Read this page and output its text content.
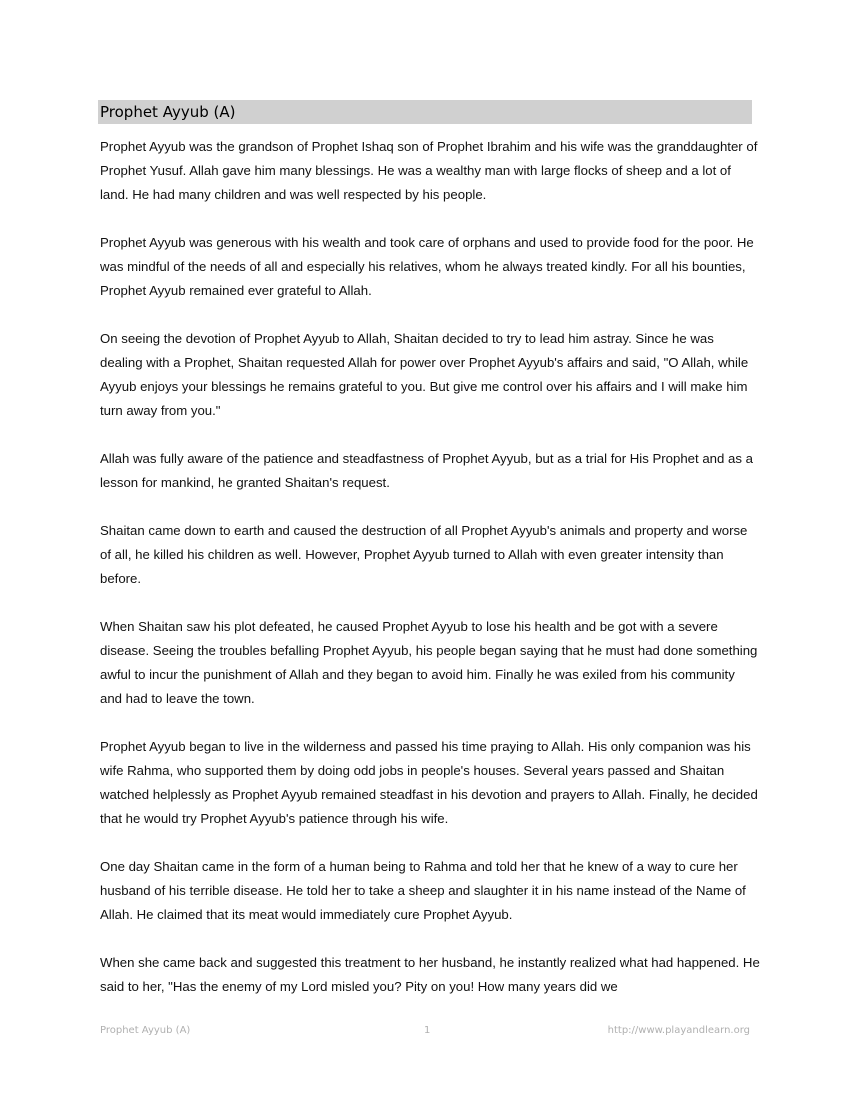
Prophet Ayyub (A)

Prophet Ayyub was the grandson of Prophet Ishaq son of Prophet Ibrahim and his wife was the granddaughter of Prophet Yusuf. Allah gave him many blessings. He was a wealthy man with large flocks of sheep and a lot of land. He had many children and was well respected by his people.

Prophet Ayyub was generous with his wealth and took care of orphans and used to provide food for the poor. He was mindful of the needs of all and especially his relatives, whom he always treated kindly. For all his bounties, Prophet Ayyub remained ever grateful to Allah.

On seeing the devotion of Prophet Ayyub to Allah, Shaitan decided to try to lead him astray. Since he was dealing with a Prophet, Shaitan requested Allah for power over Prophet Ayyub's affairs and said, "O Allah, while Ayyub enjoys your blessings he remains grateful to you. But give me control over his affairs and I will make him turn away from you."

Allah was fully aware of the patience and steadfastness of Prophet Ayyub, but as a trial for His Prophet and as a lesson for mankind, he granted Shaitan's request.

Shaitan came down to earth and caused the destruction of all Prophet Ayyub's animals and property and worse of all, he killed his children as well. However, Prophet Ayyub turned to Allah with even greater intensity than before.

When Shaitan saw his plot defeated, he caused Prophet Ayyub to lose his health and be got with a severe disease. Seeing the troubles befalling Prophet Ayyub, his people began saying that he must had done something awful to incur the punishment of Allah and they began to avoid him. Finally he was exiled from his community and had to leave the town.

Prophet Ayyub began to live in the wilderness and passed his time praying to Allah. His only companion was his wife Rahma, who supported them by doing odd jobs in people's houses. Several years passed and Shaitan watched helplessly as Prophet Ayyub remained steadfast in his devotion and prayers to Allah. Finally, he decided that he would try Prophet Ayyub's patience through his wife.

One day Shaitan came in the form of a human being to Rahma and told her that he knew of a way to cure her husband of his terrible disease. He told her to take a sheep and slaughter it in his name instead of the Name of Allah. He claimed that its meat would immediately cure Prophet Ayyub.

When she came back and suggested this treatment to her husband, he instantly realized what had happened. He said to her, "Has the enemy of my Lord misled you? Pity on you! How many years did we

Prophet Ayyub (A)	1	http://www.playandlearn.org
